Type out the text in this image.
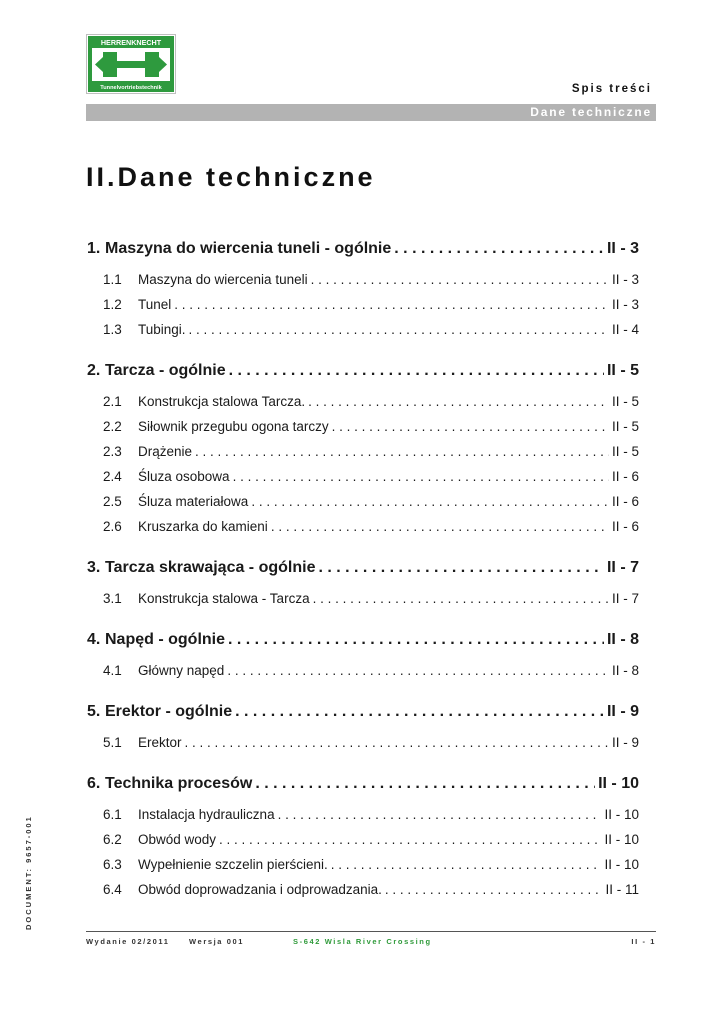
HERRENKNECHT
Tunnelvortriebstechnik	Spis treści
Dane techniczne
II.Dane techniczne
1. Maszyna do wiercenia tuneli - ogólnie . . .	II - 3
1.1	Maszyna do wiercenia tuneli . . .	II - 3
1.2	Tunel . . .	II - 3
1.3	Tubingi. . . .	II - 4
2. Tarcza - ogólnie . . .	II - 5
2.1	Konstrukcja stalowa Tarcza. . . .	II - 5
2.2	Siłownik przegubu ogona tarczy . . .	II - 5
2.3	Drążenie . . .	II - 5
2.4	Śluza osobowa . . .	II - 6
2.5	Śluza materiałowa . . .	II - 6
2.6	Kruszarka do kamieni . . .	II - 6
3. Tarcza skrawająca - ogólnie . . .	II - 7
3.1	Konstrukcja stalowa - Tarcza . . .	II - 7
4. Napęd - ogólnie . . .	II - 8
4.1	Główny napęd . . .	II - 8
5. Erektor - ogólnie . . .	II - 9
5.1	Erektor . . .	II - 9
6. Technika procesów . . .	II - 10
6.1	Instalacja hydrauliczna . . .	II - 10
6.2	Obwód wody . . .	II - 10
6.3	Wypełnienie szczelin pierścieni. . . .	II - 10
6.4	Obwód doprowadzania i odprowadzania. . . .	II - 11
Wydanie 02/2011	Wersja 001	S-642 Wisla River Crossing	II - 1
DOCUMENT: 9657-001
